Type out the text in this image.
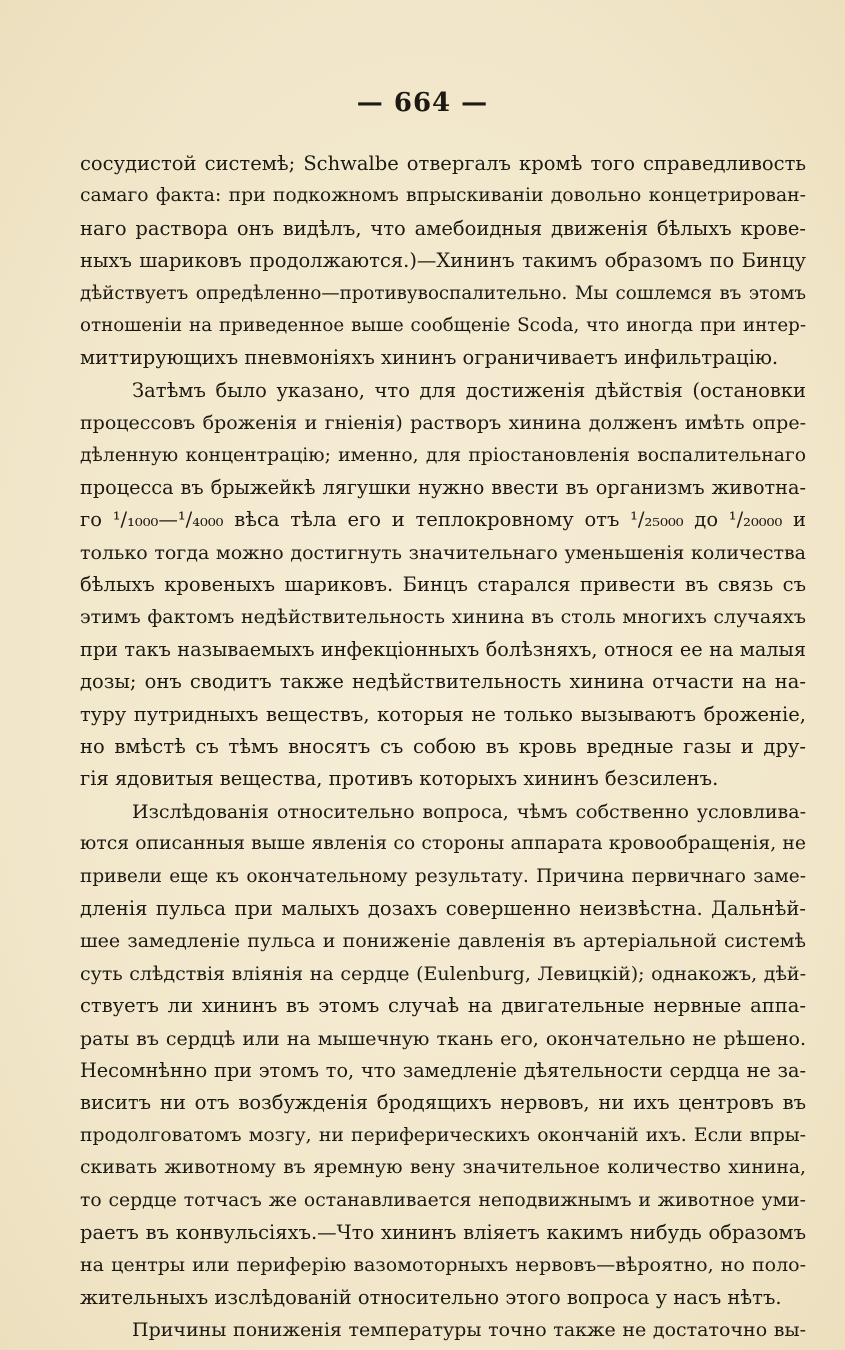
— 664 —
сосудистой системѣ; Schwalbe отвергалъ кромѣ того справедливость
самаго факта: при подкожномъ впрыскиваніи довольно концетрирован-
наго раствора онъ видѣлъ, что амебоидныя движенія бѣлыхъ крове-
ныхъ шариковъ продолжаются.)—Хининъ такимъ образомъ по Бинцу
дѣйствуетъ опредѣленно—противувоспалительно. Мы сошлемся въ этомъ
отношеніи на приведенное выше сообщеніе Scoda, что иногда при интер-
миттирующихъ пневмоніяхъ хининъ ограничиваетъ инфильтрацію.
Затѣмъ было указано, что для достиженія дѣйствія (остановки
процессовъ броженія и гніенія) растворъ хинина долженъ имѣть опре-
дѣленную концентрацію; именно, для пріостановленія воспалительнаго
процесса въ брыжейкѣ лягушки нужно ввести въ организмъ животна-
го ¹/₁₀₀₀—¹/₄₀₀₀ вѣса тѣла его и теплокровному отъ ¹/₂₅₀₀₀ до ¹/₂₀₀₀₀ и
только тогда можно достигнуть значительнаго уменьшенія количества
бѣлыхъ кровеныхъ шариковъ. Бинцъ старался привести въ связь съ
этимъ фактомъ недѣйствительность хинина въ столь многихъ случаяхъ
при такъ называемыхъ инфекціонныхъ болѣзняхъ, относя ее на малыя
дозы; онъ сводитъ также недѣйствительность хинина отчасти на на-
туру путридныхъ веществъ, которыя не только вызываютъ броженіе,
но вмѣстѣ съ тѣмъ вносятъ съ собою въ кровь вредные газы и дру-
гія ядовитыя вещества, противъ которыхъ хининъ безсиленъ.
Изслѣдованія относительно вопроса, чѣмъ собственно условлива-
ются описанныя выше явленія со стороны аппарата кровообращенія, не
привели еще къ окончательному результату. Причина первичнаго заме-
дленія пульса при малыхъ дозахъ совершенно неизвѣстна. Дальнѣй-
шее замедленіе пульса и пониженіе давленія въ артеріальной системѣ
суть слѣдствія вліянія на сердце (Eulenburg, Левицкій); однакожъ, дѣй-
ствуетъ ли хининъ въ этомъ случаѣ на двигательные нервные аппа-
раты въ сердцѣ или на мышечную ткань его, окончательно не рѣшено.
Несомнѣнно при этомъ то, что замедленіе дѣятельности сердца не за-
виситъ ни отъ возбужденія бродящихъ нервовъ, ни ихъ центровъ въ
продолговатомъ мозгу, ни периферическихъ окончаній ихъ. Если впры-
скивать животному въ яремную вену значительное количество хинина,
то сердце тотчасъ же останавливается неподвижнымъ и животное уми-
раетъ въ конвульсіяхъ.—Что хининъ вліяетъ какимъ нибудь образомъ
на центры или периферію вазомоторныхъ нервовъ—вѣроятно, но поло-
жительныхъ изслѣдованій относительно этого вопроса у насъ нѣтъ.
Причины пониженія температуры точно также не достаточно вы-
